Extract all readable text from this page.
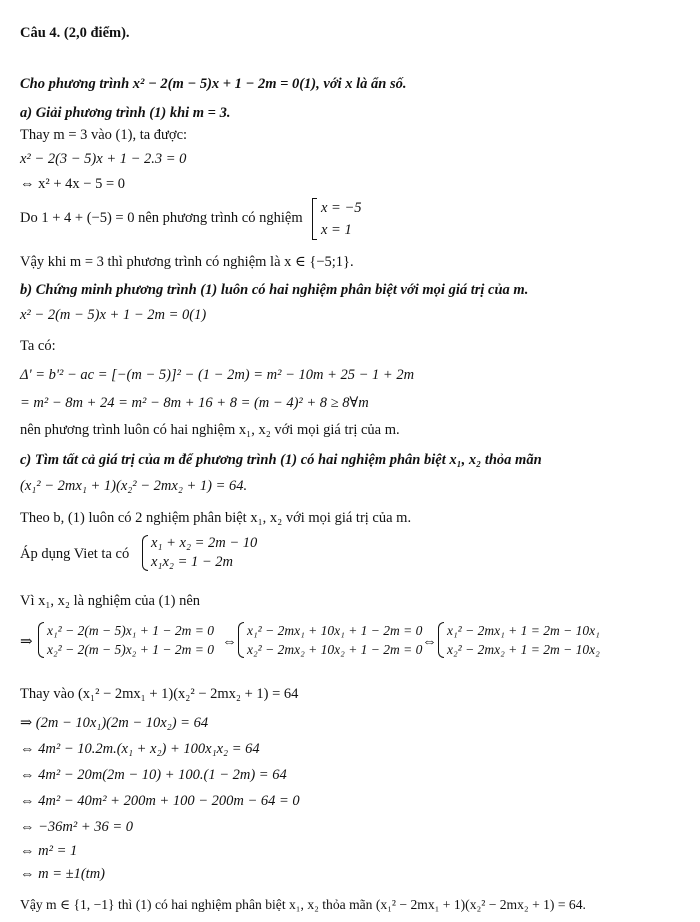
Câu 4. (2,0 điểm).
Cho phương trình x² − 2(m − 5)x + 1 − 2m = 0(1), với x là ẩn số.
a) Giải phương trình (1) khi m = 3.
Thay m = 3 vào (1), ta được:
x² − 2(3 − 5)x + 1 − 2.3 = 0
⇔ x² + 4x − 5 = 0
Do 1 + 4 + (−5) = 0 nên phương trình có nghiệm
x = −5
x = 1
Vậy khi m = 3 thì phương trình có nghiệm là x ∈ {−5;1}.
b) Chứng minh phương trình (1) luôn có hai nghiệm phân biệt với mọi giá trị của m.
x² − 2(m − 5)x + 1 − 2m = 0(1)
Ta có:
Δ' = b'² − ac = [−(m − 5)]² − (1 − 2m) = m² − 10m + 25 − 1 + 2m
= m² − 8m + 24 = m² − 8m + 16 + 8 = (m − 4)² + 8 ≥ 8∀m
nên phương trình luôn có hai nghiệm x₁, x₂ với mọi giá trị của m.
c) Tìm tất cả giá trị của m để phương trình (1) có hai nghiệm phân biệt x₁, x₂ thỏa mãn
(x₁² − 2mx₁ + 1)(x₂² − 2mx₂ + 1) = 64.
Theo b, (1) luôn có 2 nghiệm phân biệt x₁, x₂ với mọi giá trị của m.
Áp dụng Viet ta có
x₁ + x₂ = 2m − 10
x₁x₂ = 1 − 2m
Vì x₁, x₂ là nghiệm của (1) nên
⇒
x₁² − 2(m − 5)x₁ + 1 − 2m = 0
x₂² − 2(m − 5)x₂ + 1 − 2m = 0 ⇔
x₁² − 2mx₁ + 10x₁ + 1 − 2m = 0
x₂² − 2mx₂ + 10x₂ + 1 − 2m = 0 ⇔
x₁² − 2mx₁ + 1 = 2m − 10x₁
x₂² − 2mx₂ + 1 = 2m − 10x₂
Thay vào (x₁² − 2mx₁ + 1)(x₂² − 2mx₂ + 1) = 64
⇒ (2m − 10x₁)(2m − 10x₂) = 64
⇔ 4m² − 10.2m.(x₁ + x₂) + 100x₁x₂ = 64
⇔ 4m² − 20m(2m − 10) + 100.(1 − 2m) = 64
⇔ 4m² − 40m² + 200m + 100 − 200m − 64 = 0
⇔ −36m² + 36 = 0
⇔ m² = 1
⇔ m = ±1(tm)
Vậy m ∈ {1, −1} thì (1) có hai nghiệm phân biệt x₁, x₂ thỏa mãn (x₁² − 2mx₁ + 1)(x₂² − 2mx₂ + 1) = 64.
